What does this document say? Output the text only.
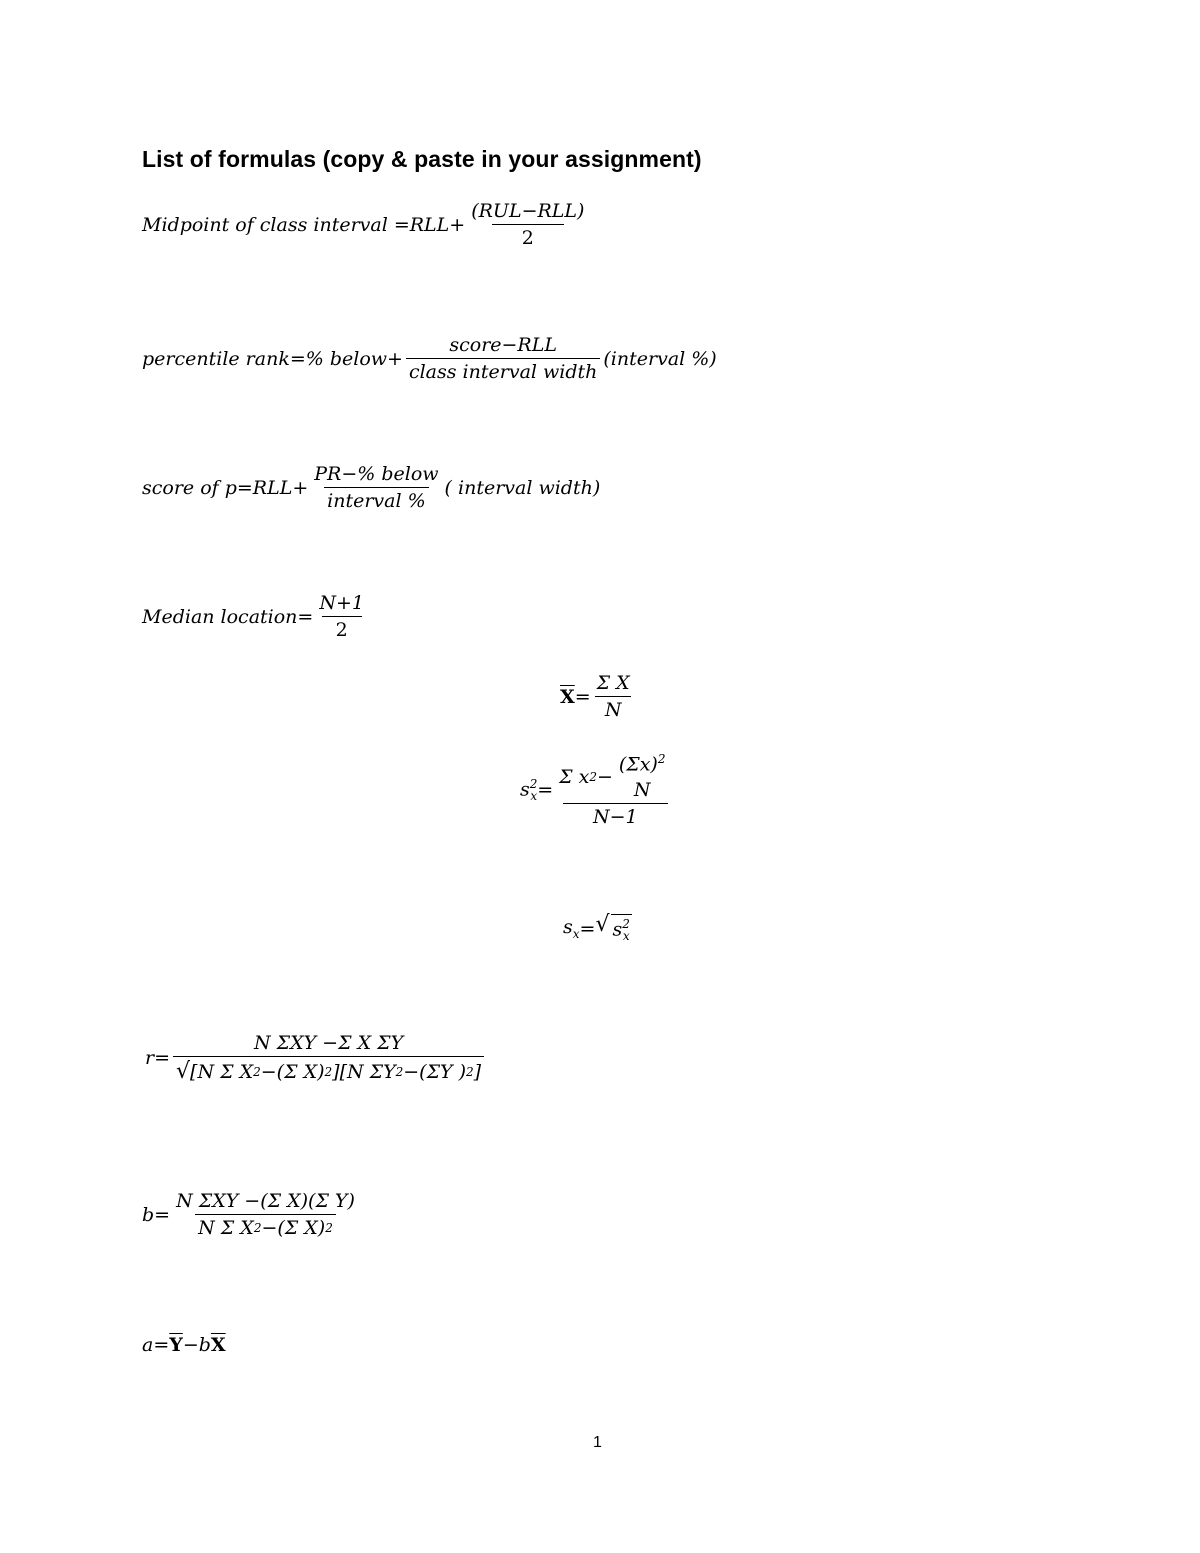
List of formulas (copy & paste in your assignment)
Midpoint of class interval $=RLL+ \frac{\text{(RUL−RLL)}}{2}$
percentile rank=% below+ $\frac{\text{score−RLL}}{\text{class interval width}}$ (interval %)
score of $p=RLL+ \frac{\text{PR−\% below}}{\text{interval \%}}$ ( interval width)
Median location= $\frac{N+1}{2}$
$\overline{X} = \frac{\text{Σ X}}{N}$
$s^2_x = \Sigma$ x 2 −
$(\Sigma x)^2$
N
N−1
$s_x$ = √ $s^2_x$
r=
N ΣXY −Σ X ΣY
√ [N Σ X 2 −(Σ X) 2 ][N ΣY 2 −(ΣY ) 2 ]
$b= \frac{\text{N ΣXY −(Σ X)(Σ Y)}}{\text{N Σ X 2 −(Σ X) 2}}$
$a= \overline{Y} -b$ $\overline{X}$
1
